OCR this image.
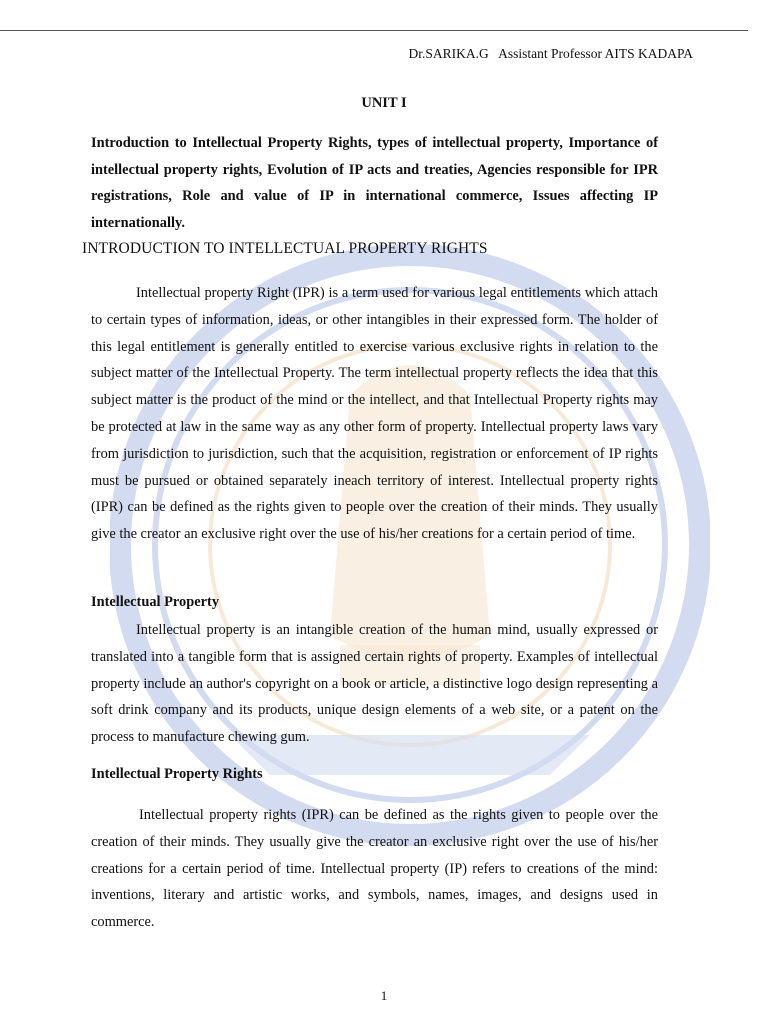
Dr.SARIKA.G   Assistant Professor AITS KADAPA
UNIT I

Introduction to Intellectual Property Rights, types of intellectual property, Importance of intellectual property rights, Evolution of IP acts and treaties, Agencies responsible for IPR registrations, Role and value of IP in international commerce, Issues affecting IP internationally.

INTRODUCTION TO INTELLECTUAL PROPERTY RIGHTS

Intellectual property Right (IPR) is a term used for various legal entitlements which attach to certain types of information, ideas, or other intangibles in their expressed form. The holder of this legal entitlement is generally entitled to exercise various exclusive rights in relation to the subject matter of the Intellectual Property. The term intellectual property reflects the idea that this subject matter is the product of the mind or the intellect, and that Intellectual Property rights may be protected at law in the same way as any other form of property. Intellectual property laws vary from jurisdiction to jurisdiction, such that the acquisition, registration or enforcement of IP rights must be pursued or obtained separately ineach territory of interest. Intellectual property rights (IPR) can be defined as the rights given to people over the creation of their minds. They usually give the creator an exclusive right over the use of his/her creations for a certain period of time.

Intellectual Property

Intellectual property is an intangible creation of the human mind, usually expressed or translated into a tangible form that is assigned certain rights of property. Examples of intellectual property include an author's copyright on a book or article, a distinctive logo design representing a soft drink company and its products, unique design elements of a web site, or a patent on the process to manufacture chewing gum.

Intellectual Property Rights

Intellectual property rights (IPR) can be defined as the rights given to people over the creation of their minds. They usually give the creator an exclusive right over the use of his/her creations for a certain period of time. Intellectual property (IP) refers to creations of the mind: inventions, literary and artistic works, and symbols, names, images, and designs used in commerce.

1
